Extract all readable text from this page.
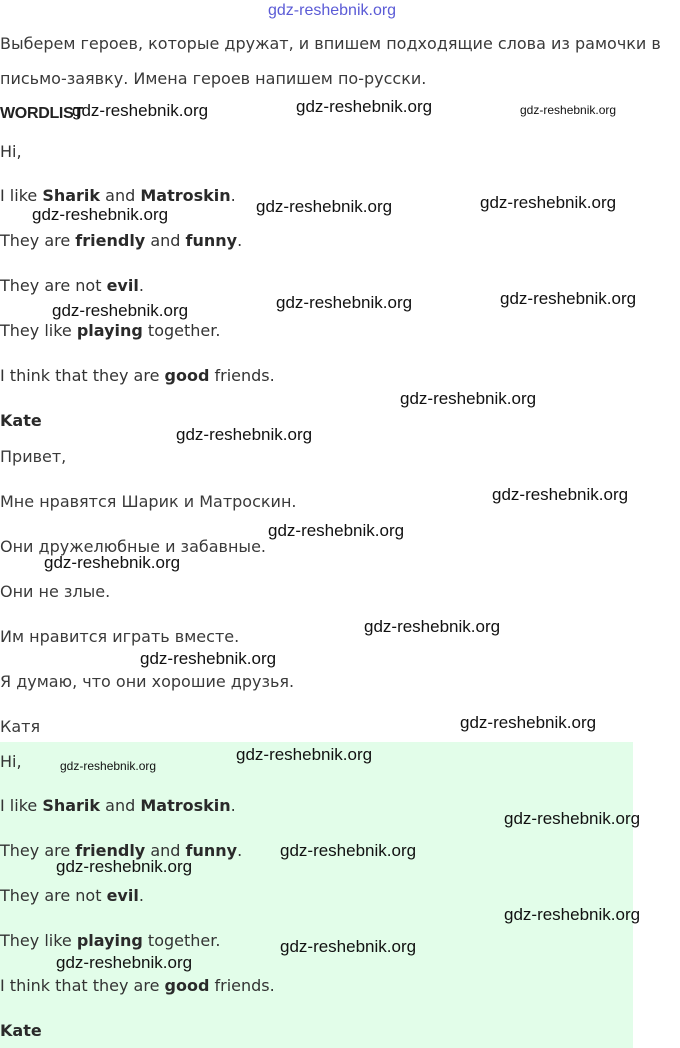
gdz-reshebnik.org
Выберем героев, которые дружат, и впишем подходящие слова из рамочки в
письмо-заявку. Имена героев напишем по-русски.
WORDLIST
Hi,
I like Sharik and Matroskin.
They are friendly and funny.
They are not evil.
They like playing together.
I think that they are good friends.
Kate
Привет,
Мне нравятся Шарик и Матроскин.
Они дружелюбные и забавные.
Они не злые.
Им нравится играть вместе.
Я думаю, что они хорошие друзья.
Катя
Hi,
I like Sharik and Matroskin.
They are friendly and funny.
They are not evil.
They like playing together.
I think that they are good friends.
Kate
gdz-reshebnik.org	gdz-reshebnik.org	gdz-reshebnik.org
gdz-reshebnik.org	gdz-reshebnik.org	gdz-reshebnik.org
gdz-reshebnik.org	gdz-reshebnik.org	gdz-reshebnik.org
gdz-reshebnik.org
gdz-reshebnik.org
gdz-reshebnik.org
gdz-reshebnik.org
gdz-reshebnik.org
gdz-reshebnik.org
gdz-reshebnik.org
gdz-reshebnik.org
gdz-reshebnik.org
gdz-reshebnik.org
gdz-reshebnik.org
gdz-reshebnik.org
gdz-reshebnik.org
gdz-reshebnik.org
gdz-reshebnik.org
gdz-reshebnik.org
